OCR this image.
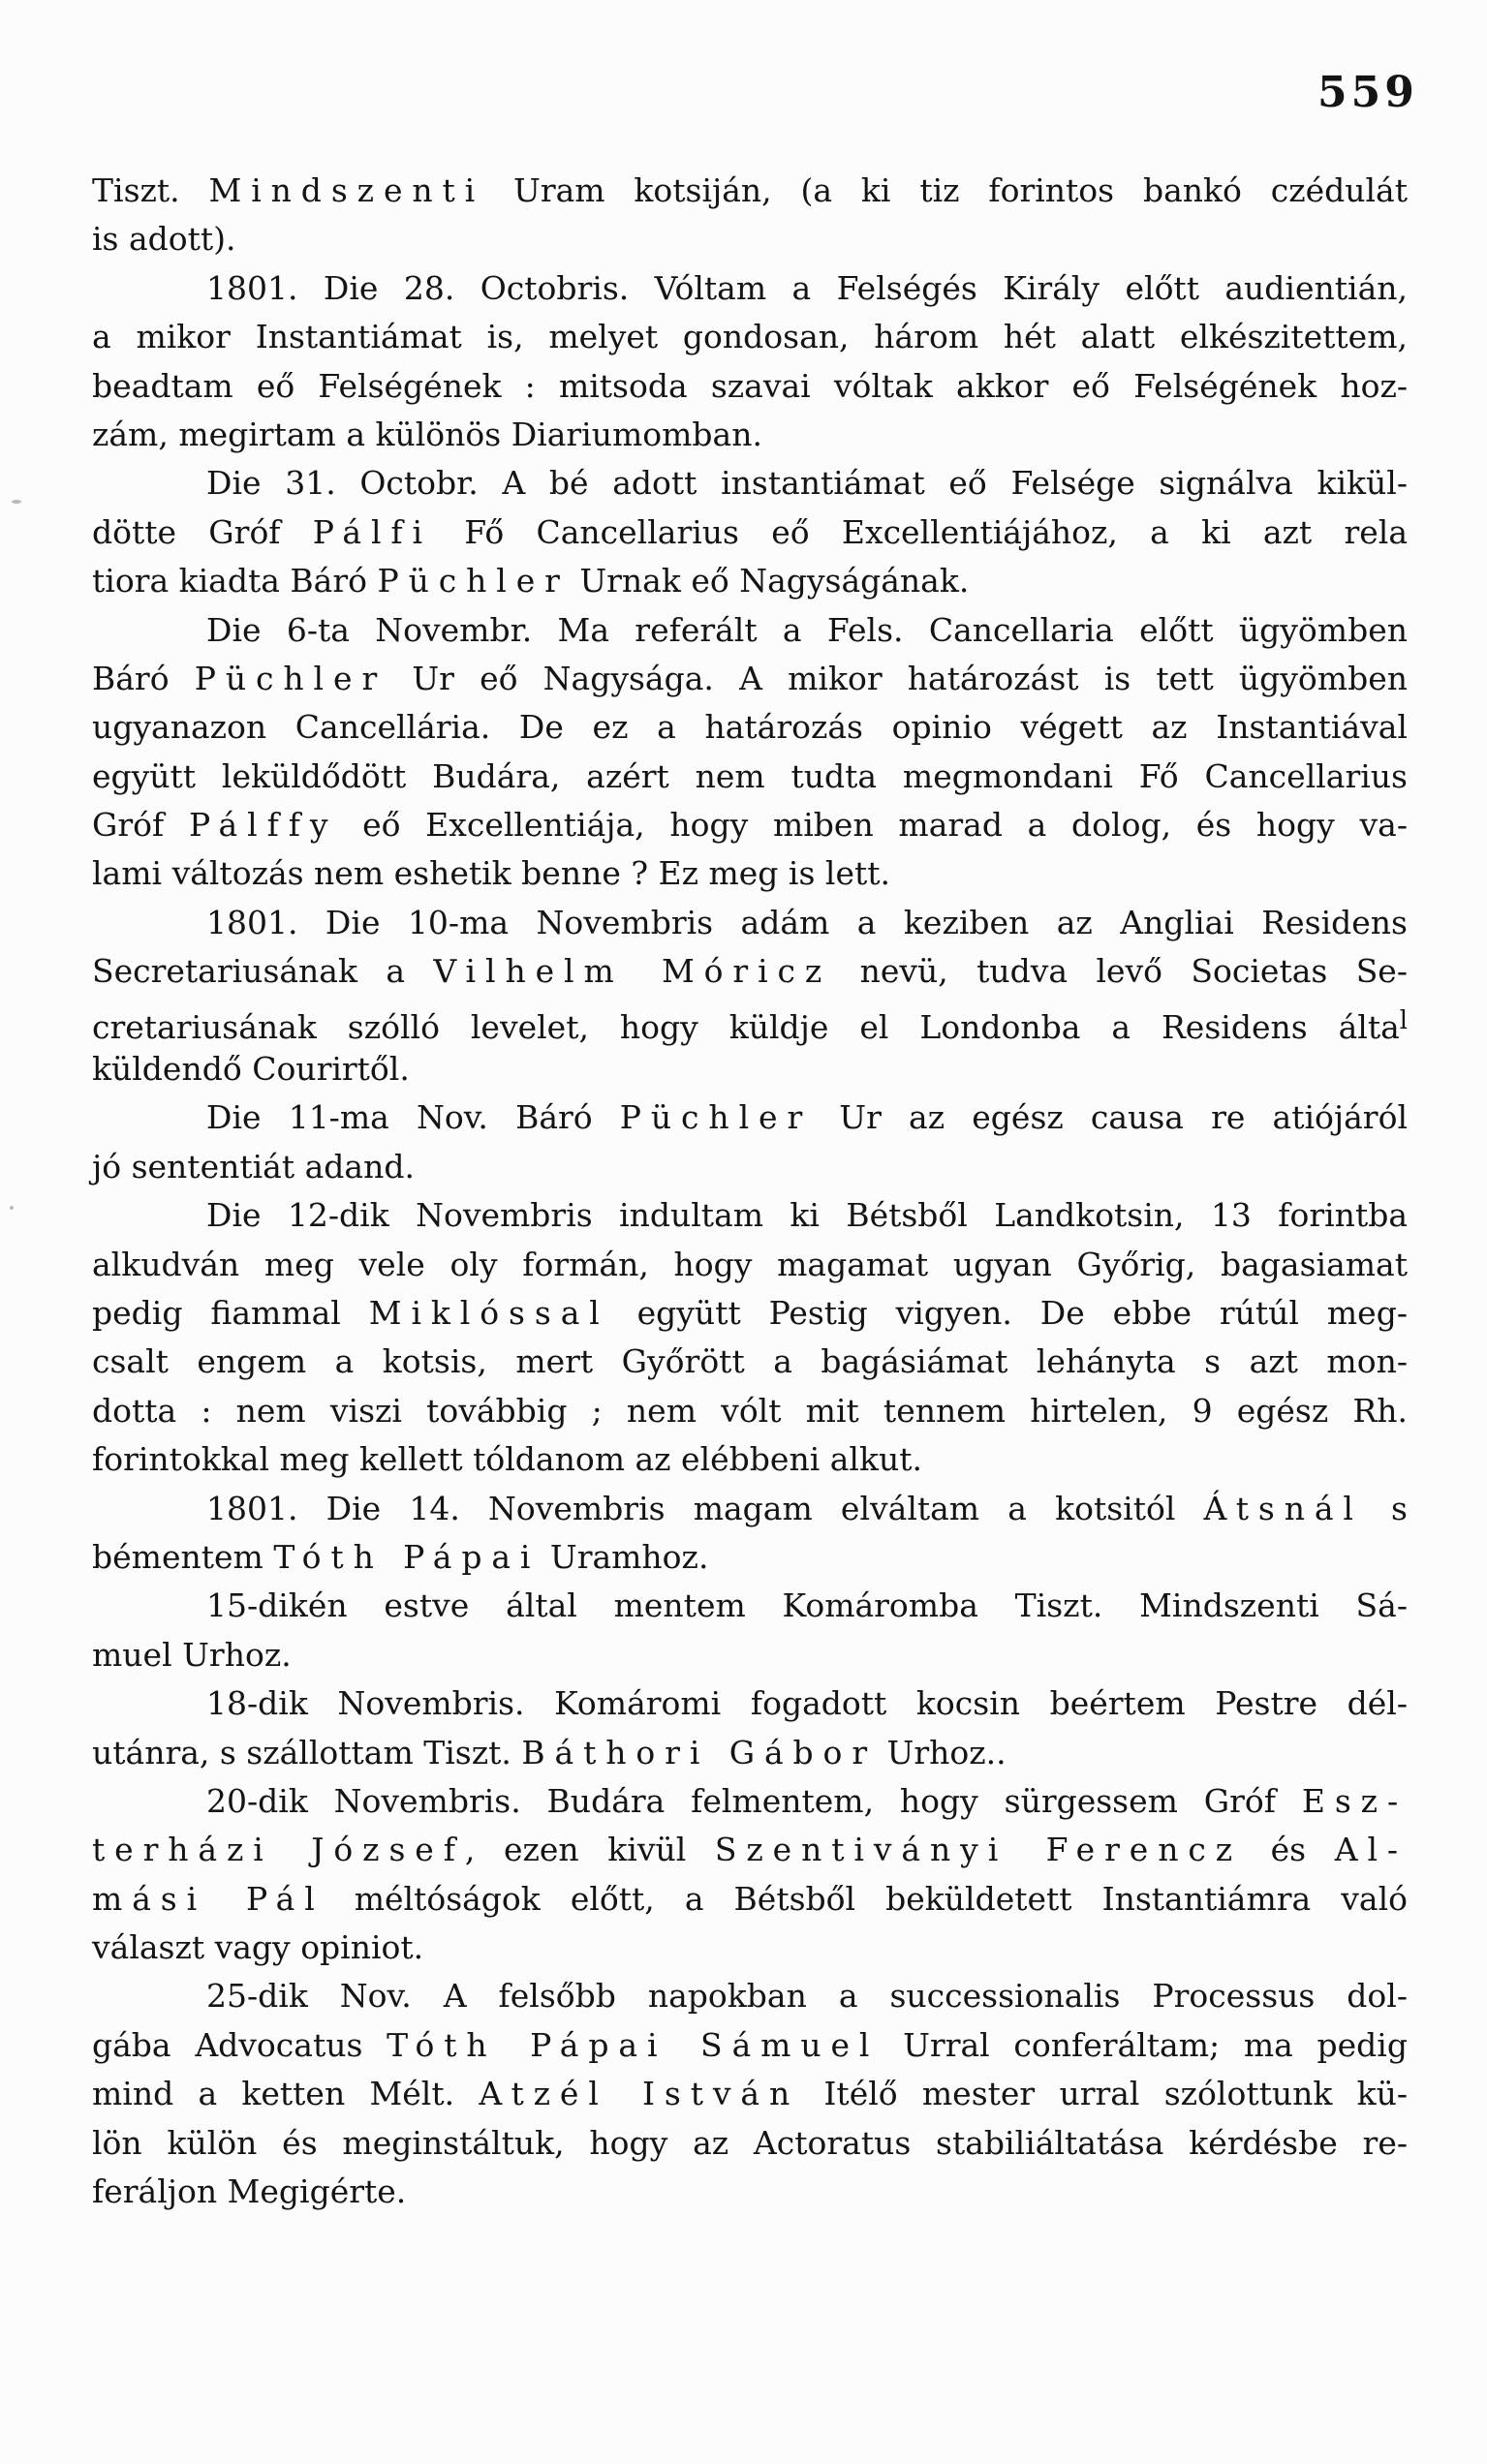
559
Tiszt. Mindszenti Uram kotsiján, (a ki tiz forintos bankó czédulát
is adott).
1801. Die 28. Octobris. Vóltam a Felségés Király előtt audientián,
a mikor Instantiámat is, melyet gondosan, három hét alatt elkészitettem,
beadtam eő Felségének : mitsoda szavai vóltak akkor eő Felségének hoz-
zám, megirtam a különös Diariumomban.
Die 31. Octobr. A bé adott instantiámat eő Felsége signálva kikül-
dötte Gróf Pálfi Fő Cancellarius eő Excellentiájához, a ki azt rela
tiora kiadta Báró Püchler Urnak eő Nagyságának.
Die 6-ta Novembr. Ma referált a Fels. Cancellaria előtt ügyömben
Báró Püchler Ur eő Nagysága. A mikor határozást is tett ügyömben
ugyanazon Cancellária. De ez a határozás opinio végett az Instantiával
együtt leküldődött Budára, azért nem tudta megmondani Fő Cancellarius
Gróf Pálffy eő Excellentiája, hogy miben marad a dolog, és hogy va-
lami változás nem eshetik benne ? Ez meg is lett.
1801. Die 10-ma Novembris adám a keziben az Angliai Residens
Secretariusának a Vilhelm Móricz nevü, tudva levő Societas Se-
cretariusának szólló levelet, hogy küldje el Londonba a Residens álta$^l$
küldendő Courirtől.
Die 11-ma Nov. Báró Püchler Ur az egész causa re atiójáról
jó sententiát adand.
Die 12-dik Novembris indultam ki Bétsből Landkotsin, 13 forintba
alkudván meg vele oly formán, hogy magamat ugyan Győrig, bagasiamat
pedig fiammal Miklóssal együtt Pestig vigyen. De ebbe rútúl meg-
csalt engem a kotsis, mert Győrött a bagásiámat lehányta s azt mon-
dotta : nem viszi továbbig ; nem vólt mit tennem hirtelen, 9 egész Rh.
forintokkal meg kellett tóldanom az elébbeni alkut.
1801. Die 14. Novembris magam elváltam a kotsitól Átsnál s
bémentem Tóth Pápai Uramhoz.
15-dikén estve által mentem Komáromba Tiszt. Mindszenti Sá-
muel Urhoz.
18-dik Novembris. Komáromi fogadott kocsin beértem Pestre dél-
utánra, s szállottam Tiszt. Báthori Gábor Urhoz..
20-dik Novembris. Budára felmentem, hogy sürgessem Gróf Esz-
terházi József, ezen kivül Szentiványi Ferencz és Al-
mási Pál méltóságok előtt, a Bétsből beküldetett Instantiámra való
választ vagy opiniot.
25-dik Nov. A felsőbb napokban a successionalis Processus dol-
gába Advocatus Tóth Pápai Sámuel Urral conferáltam; ma pedig
mind a ketten Mélt. Atzél István Itélő mester urral szólottunk kü-
lön külön és meginstáltuk, hogy az Actoratus stabiliáltatása kérdésbe re-
feráljon Megigérte.
